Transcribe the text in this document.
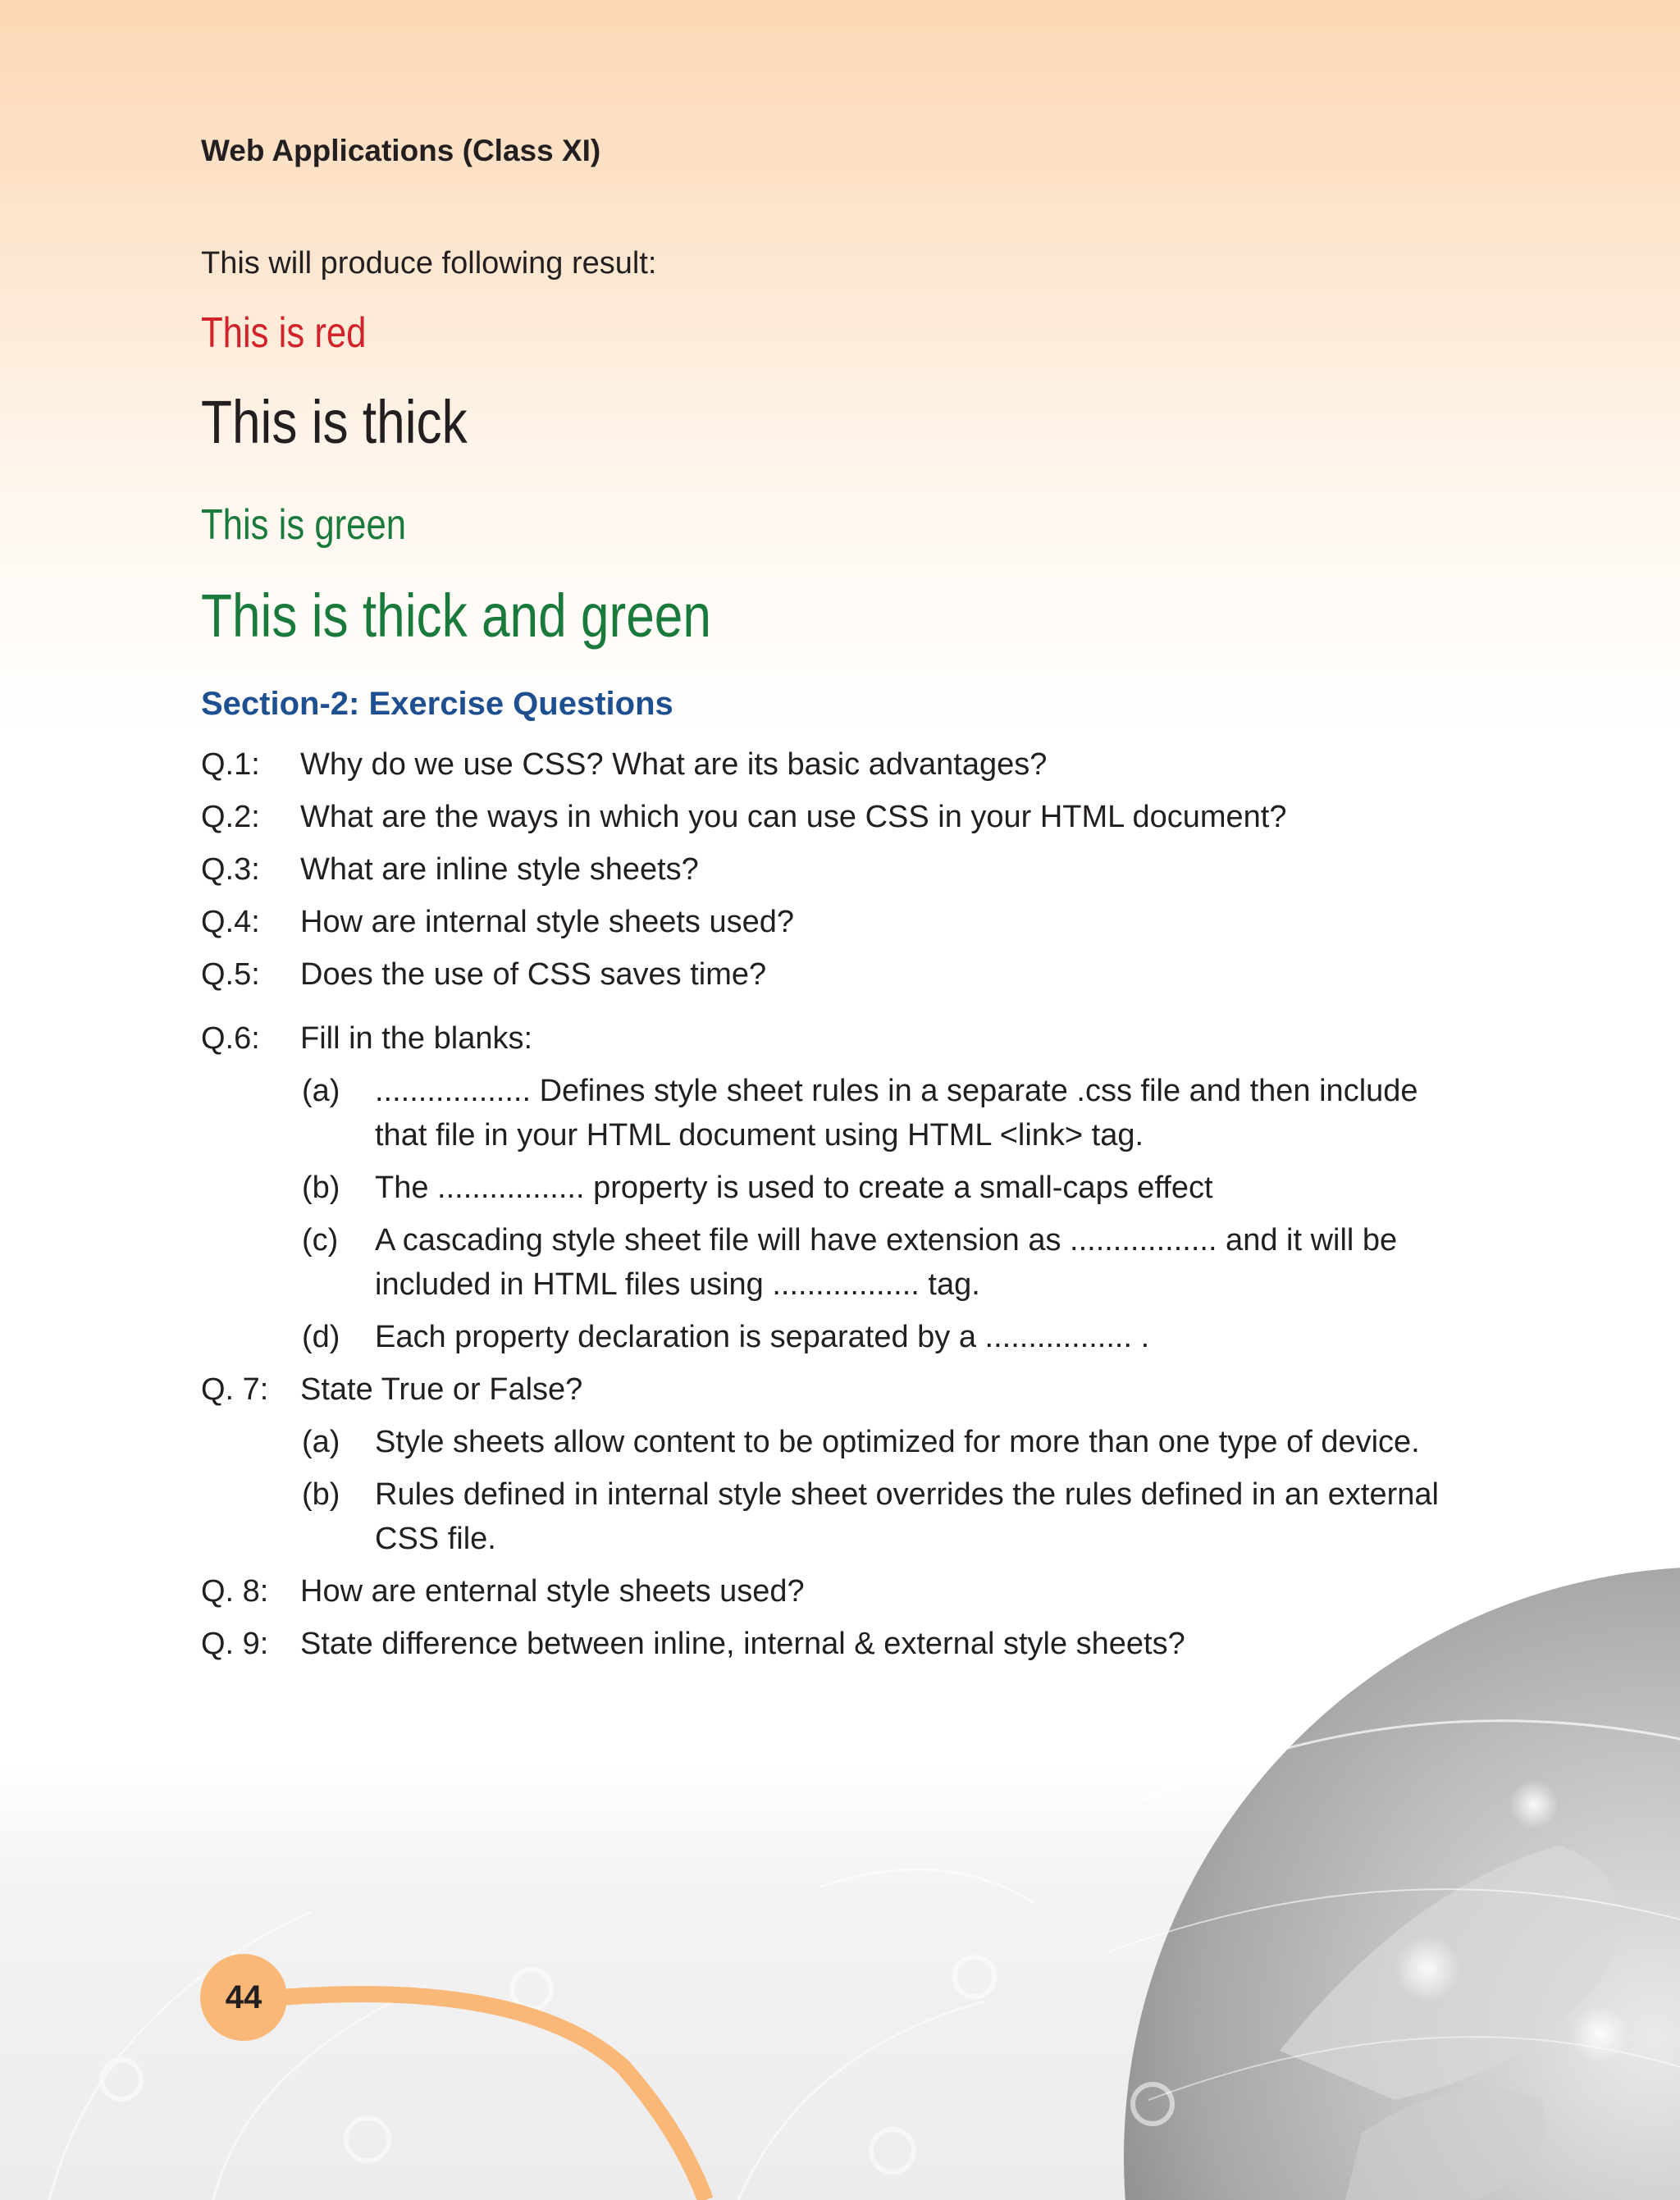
Web Applications (Class XI)
This will produce following result:
This is red
This is thick
This is green
This is thick and green
Section-2: Exercise Questions
Q.1: Why do we use CSS? What are its basic advantages?
Q.2: What are the ways in which you can use CSS in your HTML document?
Q.3: What are inline style sheets?
Q.4: How are internal style sheets used?
Q.5: Does the use of CSS saves time?
Q.6: Fill in the blanks:
(a) .................. Defines style sheet rules in a separate .css file and then include
that file in your HTML document using HTML <link> tag.
(b) The ................. property is used to create a small-caps effect
(c) A cascading style sheet file will have extension as ................. and it will be
included in HTML files using ................. tag.
(d) Each property declaration is separated by a ................. .
Q. 7: State True or False?
(a) Style sheets allow content to be optimized for more than one type of device.
(b) Rules defined in internal style sheet overrides the rules defined in an external
CSS file.
Q. 8: How are enternal style sheets used?
Q. 9: State difference between inline, internal & external style sheets?
44
